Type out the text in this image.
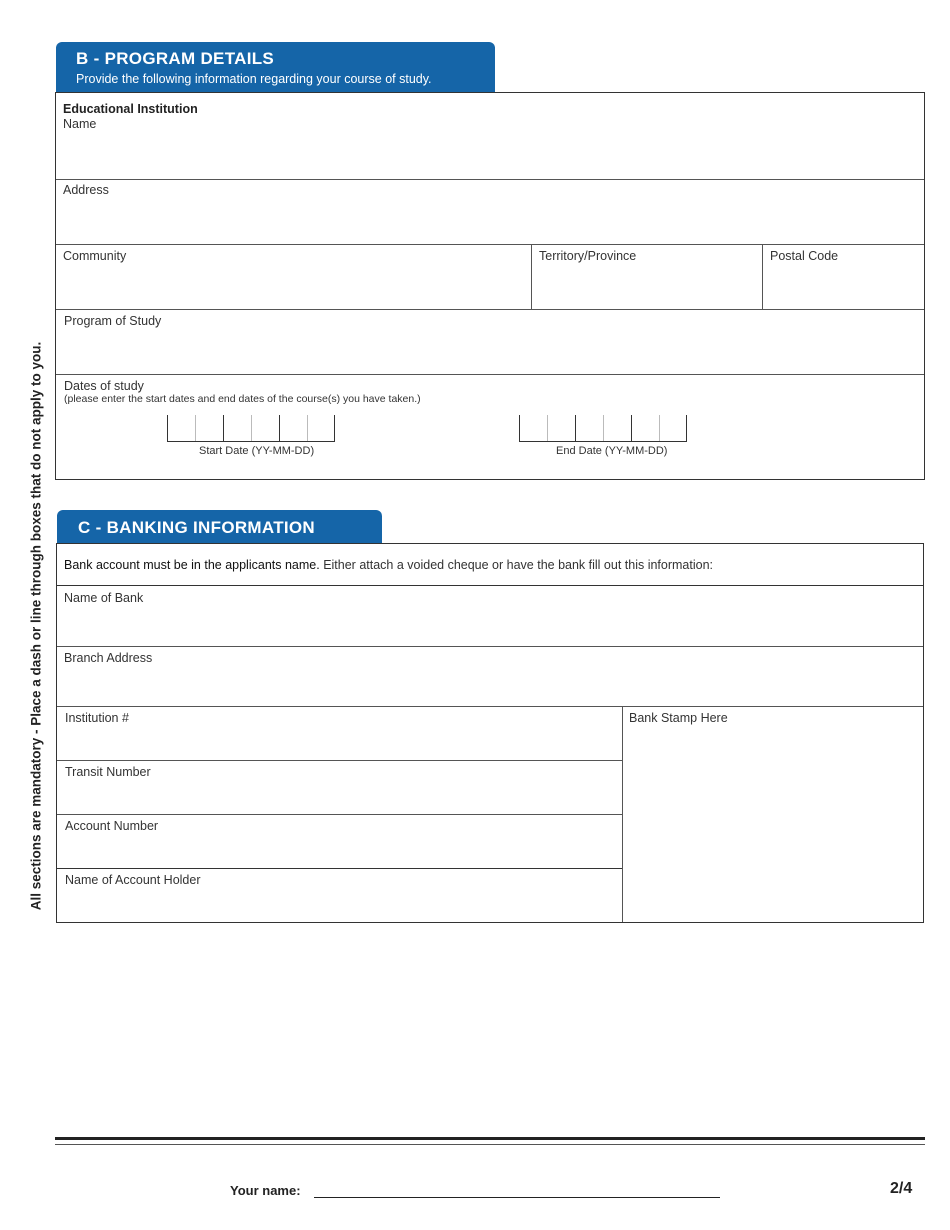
All sections are mandatory - Place a dash or line through boxes that do not apply to you.
B - PROGRAM DETAILS
Provide the following information regarding your course of study.
Educational Institution
Name
Address
Community	Territory/Province	Postal Code
Program of Study
Dates of study
(please enter the start dates and end dates of the course(s) you have taken.)
Start Date (YY-MM-DD)	End Date (YY-MM-DD)
C - BANKING INFORMATION
Bank account must be in the applicants name. Either attach a voided cheque or have the bank fill out this information:
Name of Bank
Branch Address
Institution #
Transit Number
Account Number
Name of Account Holder
Bank Stamp Here
Your name:	2/4
